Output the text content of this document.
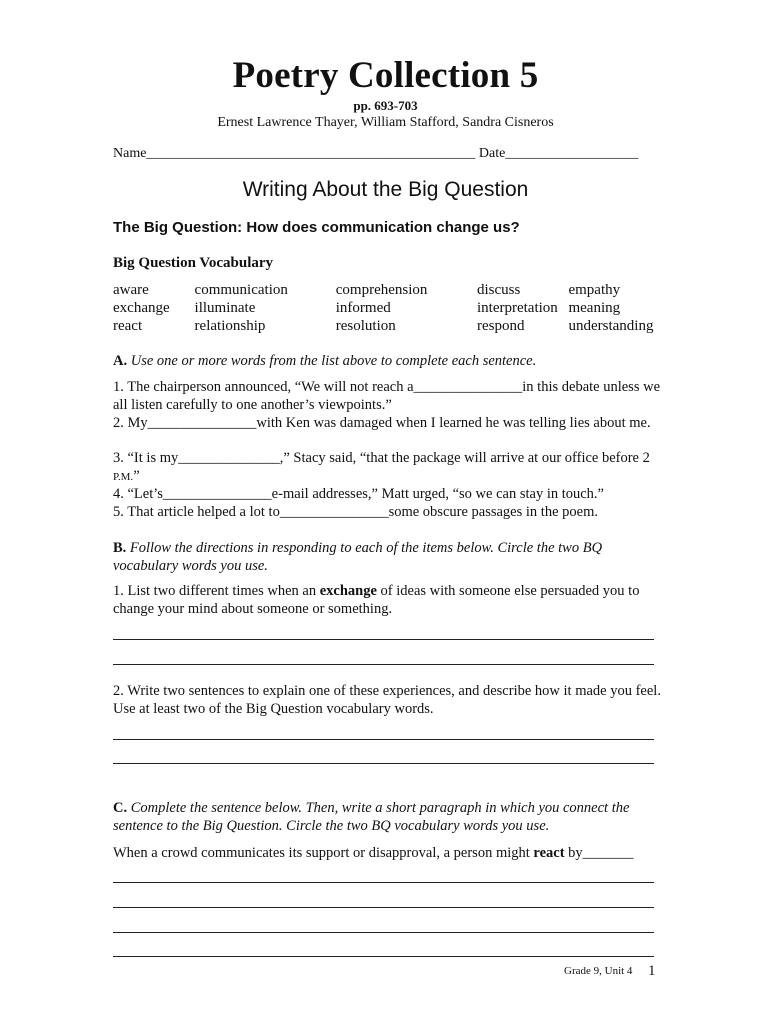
Poetry Collection 5
pp. 693-703
Ernest Lawrence Thayer, William Stafford, Sandra Cisneros
Name_______________________________________________ Date___________________
Writing About the Big Question
The Big Question: How does communication change us?
Big Question Vocabulary
aware	communication	comprehension	discuss	empathy
exchange	illuminate	informed	interpretation meaning
react	relationship	resolution	respond	understanding
A. Use one or more words from the list above to complete each sentence.
1. The chairperson announced, “We will not reach a_______________in this debate unless we all listen carefully to one another’s viewpoints.”
2. My_______________with Ken was damaged when I learned he was telling lies about me.
3. “It is my______________,” Stacy said, “that the package will arrive at our office before 2 P.M.”
4. “Let’s_______________e-mail addresses,” Matt urged, “so we can stay in touch.”
5. That article helped a lot to_______________some obscure passages in the poem.
B. Follow the directions in responding to each of the items below. Circle the two BQ vocabulary words you use.
1. List two different times when an exchange of ideas with someone else persuaded you to change your mind about someone or something.
2. Write two sentences to explain one of these experiences, and describe how it made you feel. Use at least two of the Big Question vocabulary words.
C. Complete the sentence below. Then, write a short paragraph in which you connect the sentence to the Big Question. Circle the two BQ vocabulary words you use.
When a crowd communicates its support or disapproval, a person might react by_______
Grade 9, Unit 4 1
